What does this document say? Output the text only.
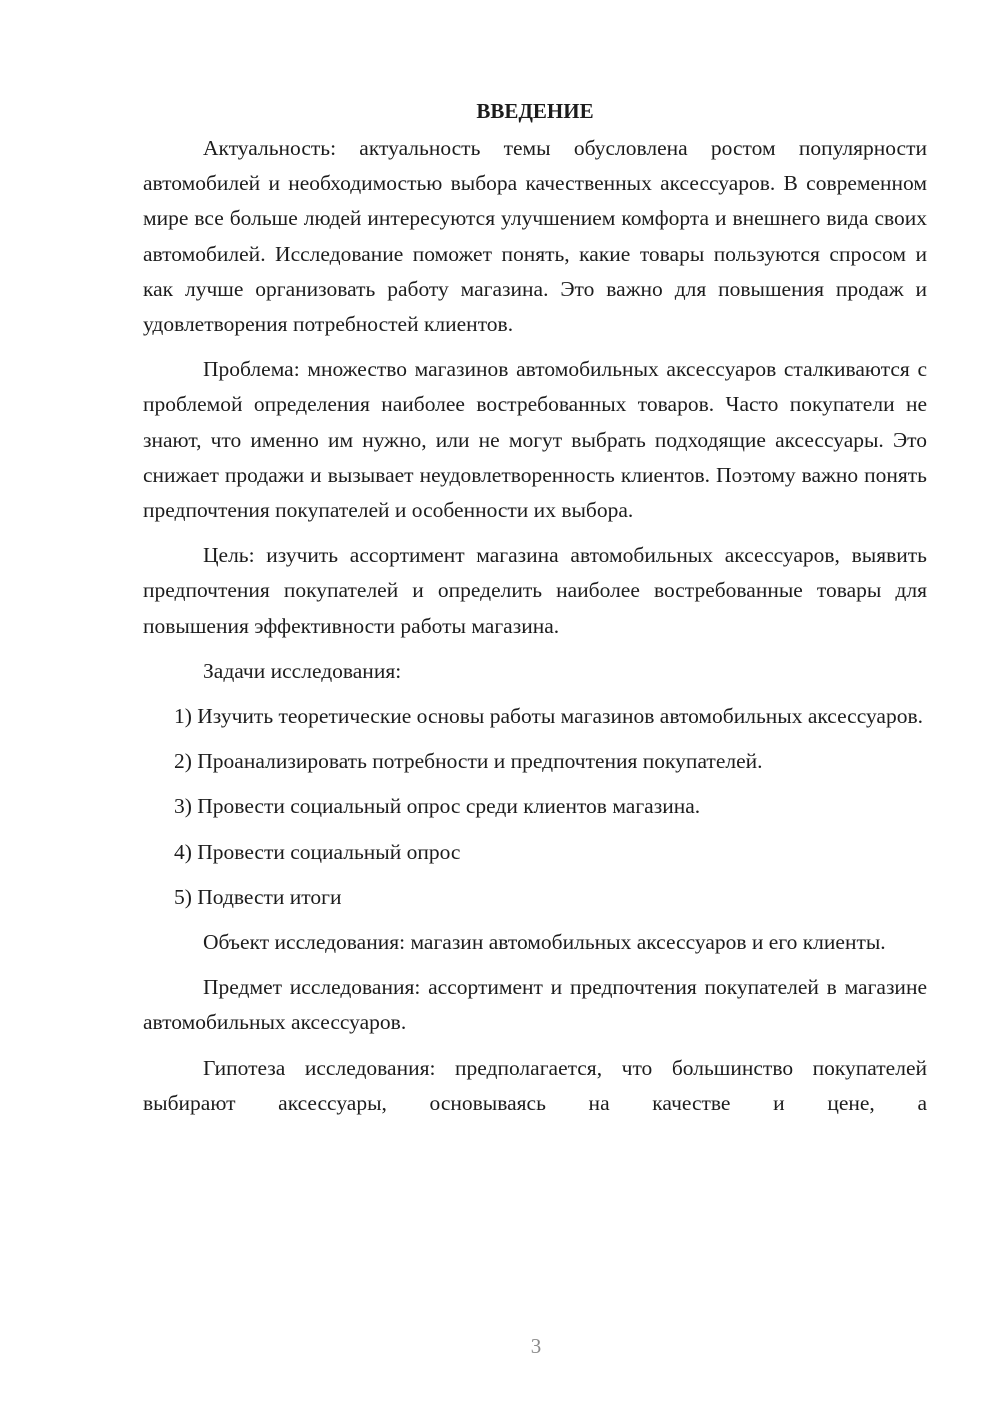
ВВЕДЕНИЕ

Актуальность: актуальность темы обусловлена ростом популярности автомобилей и необходимостью выбора качественных аксессуаров. В современном мире все больше людей интересуются улучшением комфорта и внешнего вида своих автомобилей. Исследование поможет понять, какие товары пользуются спросом и как лучше организовать работу магазина. Это важно для повышения продаж и удовлетворения потребностей клиентов.

Проблема: множество магазинов автомобильных аксессуаров сталкиваются с проблемой определения наиболее востребованных товаров. Часто покупатели не знают, что именно им нужно, или не могут выбрать подходящие аксессуары. Это снижает продажи и вызывает неудовлетворенность клиентов. Поэтому важно понять предпочтения покупателей и особенности их выбора.

Цель: изучить ассортимент магазина автомобильных аксессуаров, выявить предпочтения покупателей и определить наиболее востребованные товары для повышения эффективности работы магазина.

Задачи исследования:

1) Изучить теоретические основы работы магазинов автомобильных аксессуаров.

2) Проанализировать потребности и предпочтения покупателей.

3) Провести социальный опрос среди клиентов магазина.

4) Провести социальный опрос

5) Подвести итоги

Объект исследования: магазин автомобильных аксессуаров и его клиенты.

Предмет исследования: ассортимент и предпочтения покупателей в магазине автомобильных аксессуаров.

Гипотеза исследования: предполагается, что большинство покупателей выбирают аксессуары, основываясь на качестве и цене, а

3
